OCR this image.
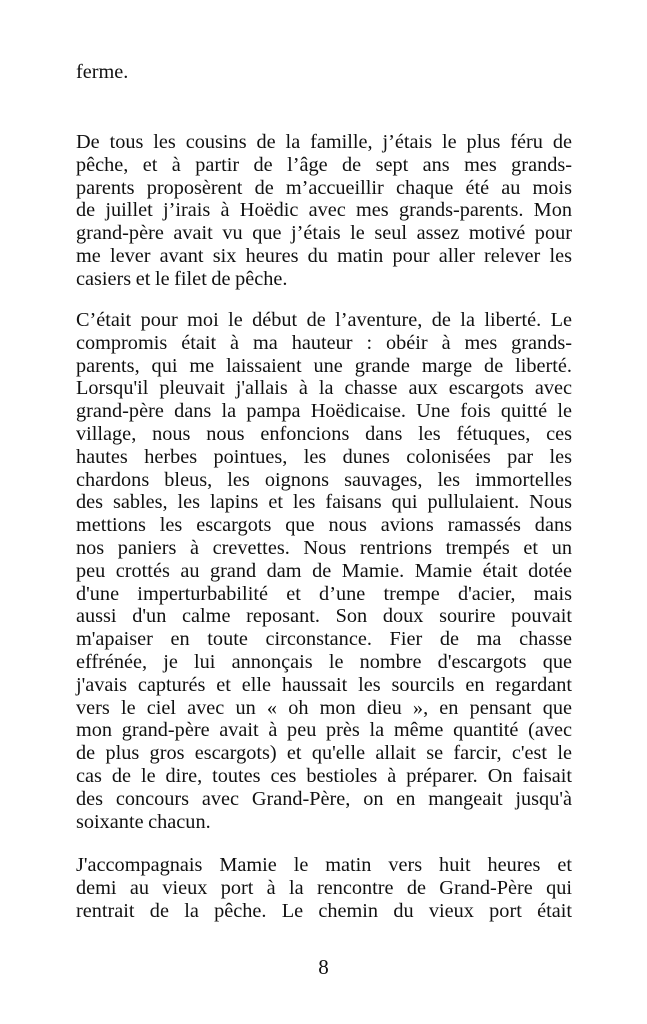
ferme.
De tous les cousins de la famille, j’étais le plus féru de
pêche, et à partir de l’âge de sept ans mes grands-
parents proposèrent de m’accueillir chaque été au mois
de juillet j’irais à Hoëdic avec mes grands-parents. Mon
grand-père avait vu que j’étais le seul assez motivé pour
me lever avant six heures du matin pour aller relever les
casiers et le filet de pêche.
C’était pour moi le début de l’aventure, de la liberté. Le
compromis était à ma hauteur : obéir à mes grands-
parents, qui me laissaient une grande marge de liberté.
Lorsqu'il pleuvait j'allais à la chasse aux escargots avec
grand-père dans la pampa Hoëdicaise. Une fois quitté le
village, nous nous enfoncions dans les fétuques, ces
hautes herbes pointues, les dunes colonisées par les
chardons bleus, les oignons sauvages, les immortelles
des sables, les lapins et les faisans qui pullulaient. Nous
mettions les escargots que nous avions ramassés dans
nos paniers à crevettes. Nous rentrions trempés et un
peu crottés au grand dam de Mamie. Mamie était dotée
d'une imperturbabilité et d’une trempe d'acier, mais
aussi d'un calme reposant. Son doux sourire pouvait
m'apaiser en toute circonstance. Fier de ma chasse
effrénée, je lui annonçais le nombre d'escargots que
j'avais capturés et elle haussait les sourcils en regardant
vers le ciel avec un « oh mon dieu », en pensant que
mon grand-père avait à peu près la même quantité (avec
de plus gros escargots) et qu'elle allait se farcir, c'est le
cas de le dire, toutes ces bestioles à préparer. On faisait
des concours avec Grand-Père, on en mangeait jusqu'à
soixante chacun.
J'accompagnais Mamie le matin vers huit heures et
demi au vieux port à la rencontre de Grand-Père qui
rentrait de la pêche. Le chemin du vieux port était
8
